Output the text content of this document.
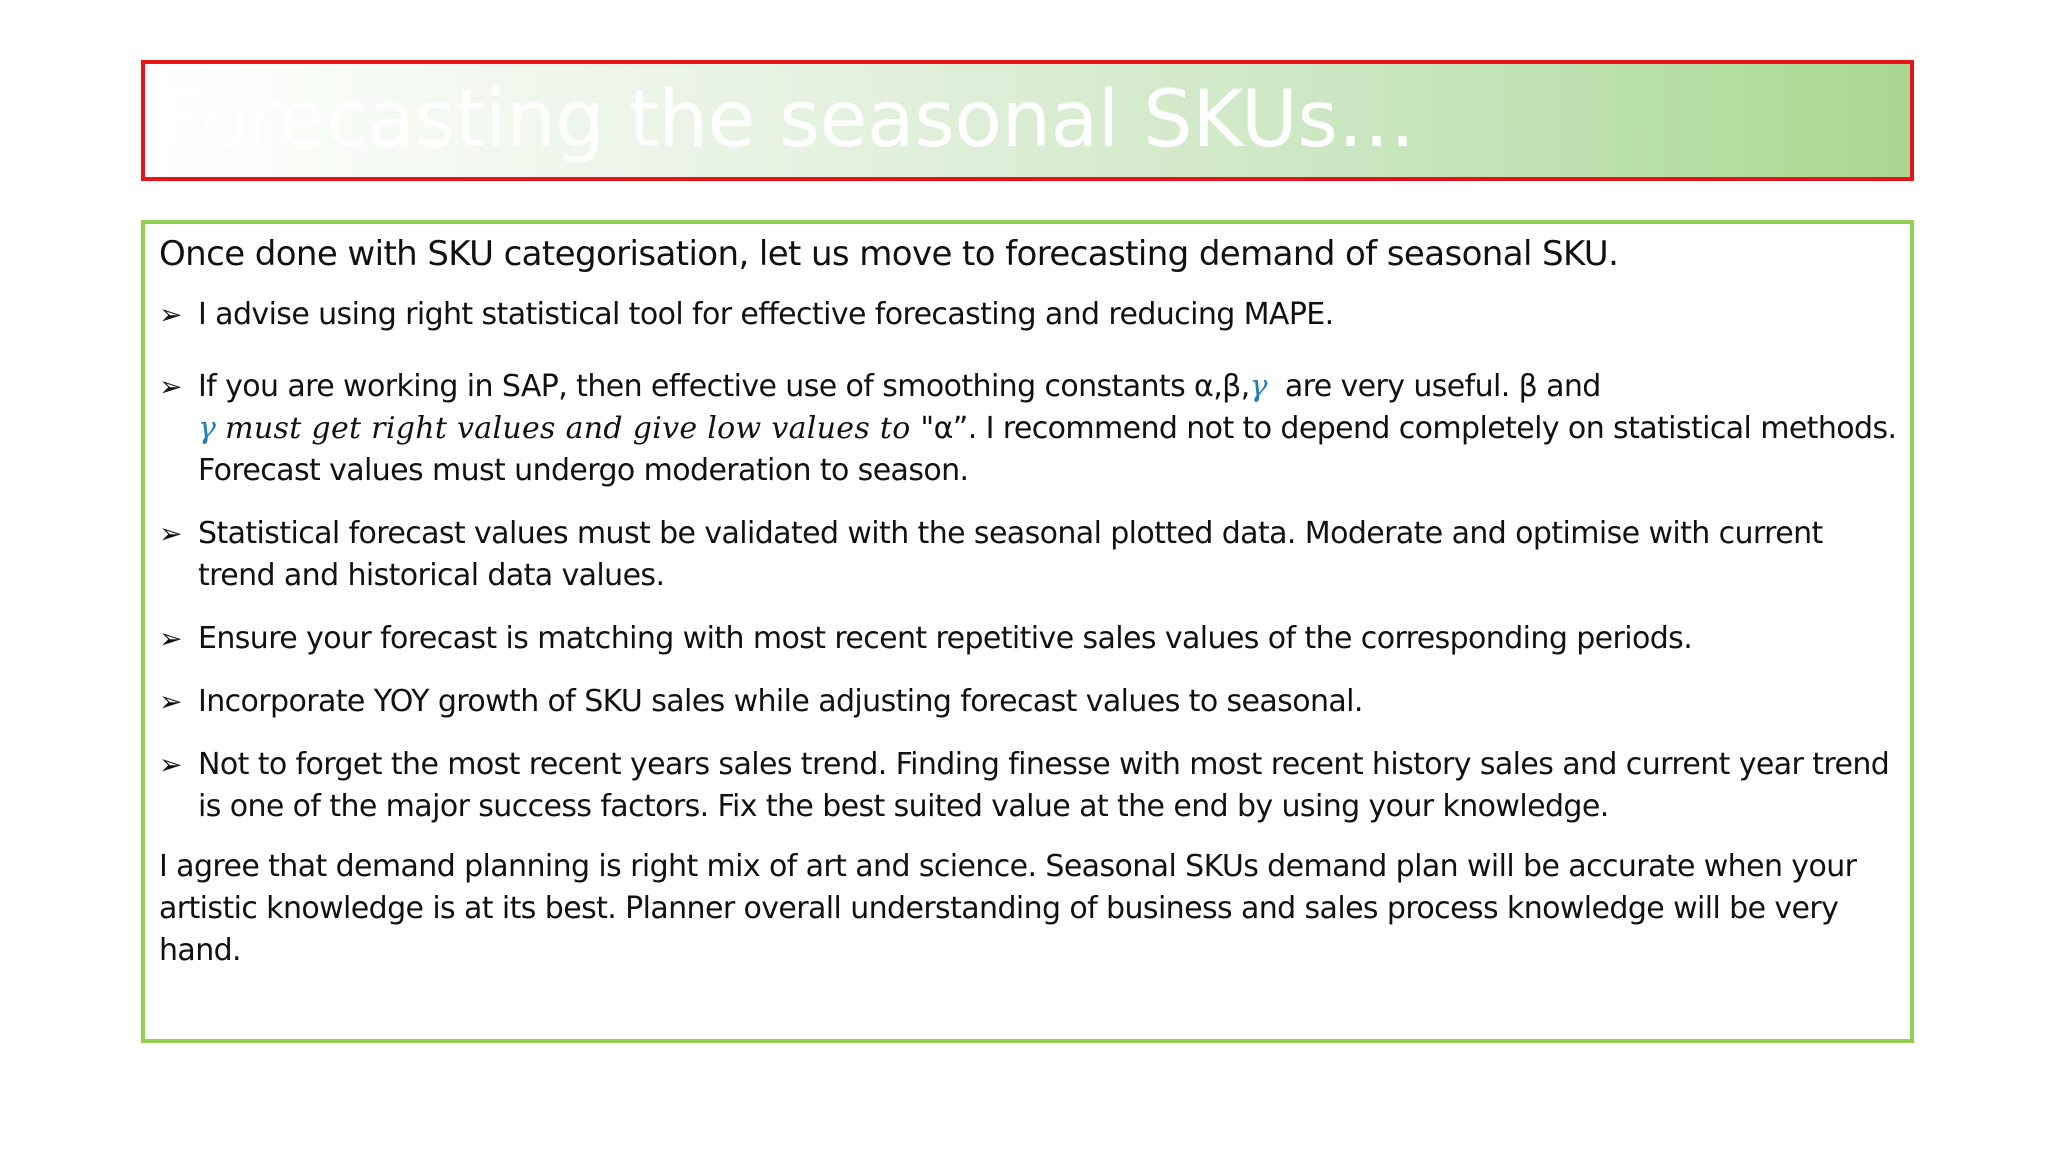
Forecasting the seasonal SKUs…
Once done with SKU categorisation, let us move to forecasting demand of seasonal SKU.
➢ I advise using right statistical tool for effective forecasting and reducing MAPE.
➢ If you are working in SAP, then effective use of smoothing constants α,β,γ  are very useful. β and
γ must get right values and give low values to "α”. I recommend not to depend completely on statistical methods. Forecast values must undergo moderation to season.
➢ Statistical forecast values must be validated with the seasonal plotted data. Moderate and optimise with current trend and historical data values.
➢ Ensure your forecast is matching with most recent repetitive sales values of the corresponding periods.
➢ Incorporate YOY growth of SKU sales while adjusting forecast values to seasonal.
➢ Not to forget the most recent years sales trend. Finding finesse with most recent history sales and current year trend is one of the major success factors. Fix the best suited value at the end by using your knowledge.
I agree that demand planning is right mix of art and science. Seasonal SKUs demand plan will be accurate when your artistic knowledge is at its best. Planner overall understanding of business and sales process knowledge will be very hand.
